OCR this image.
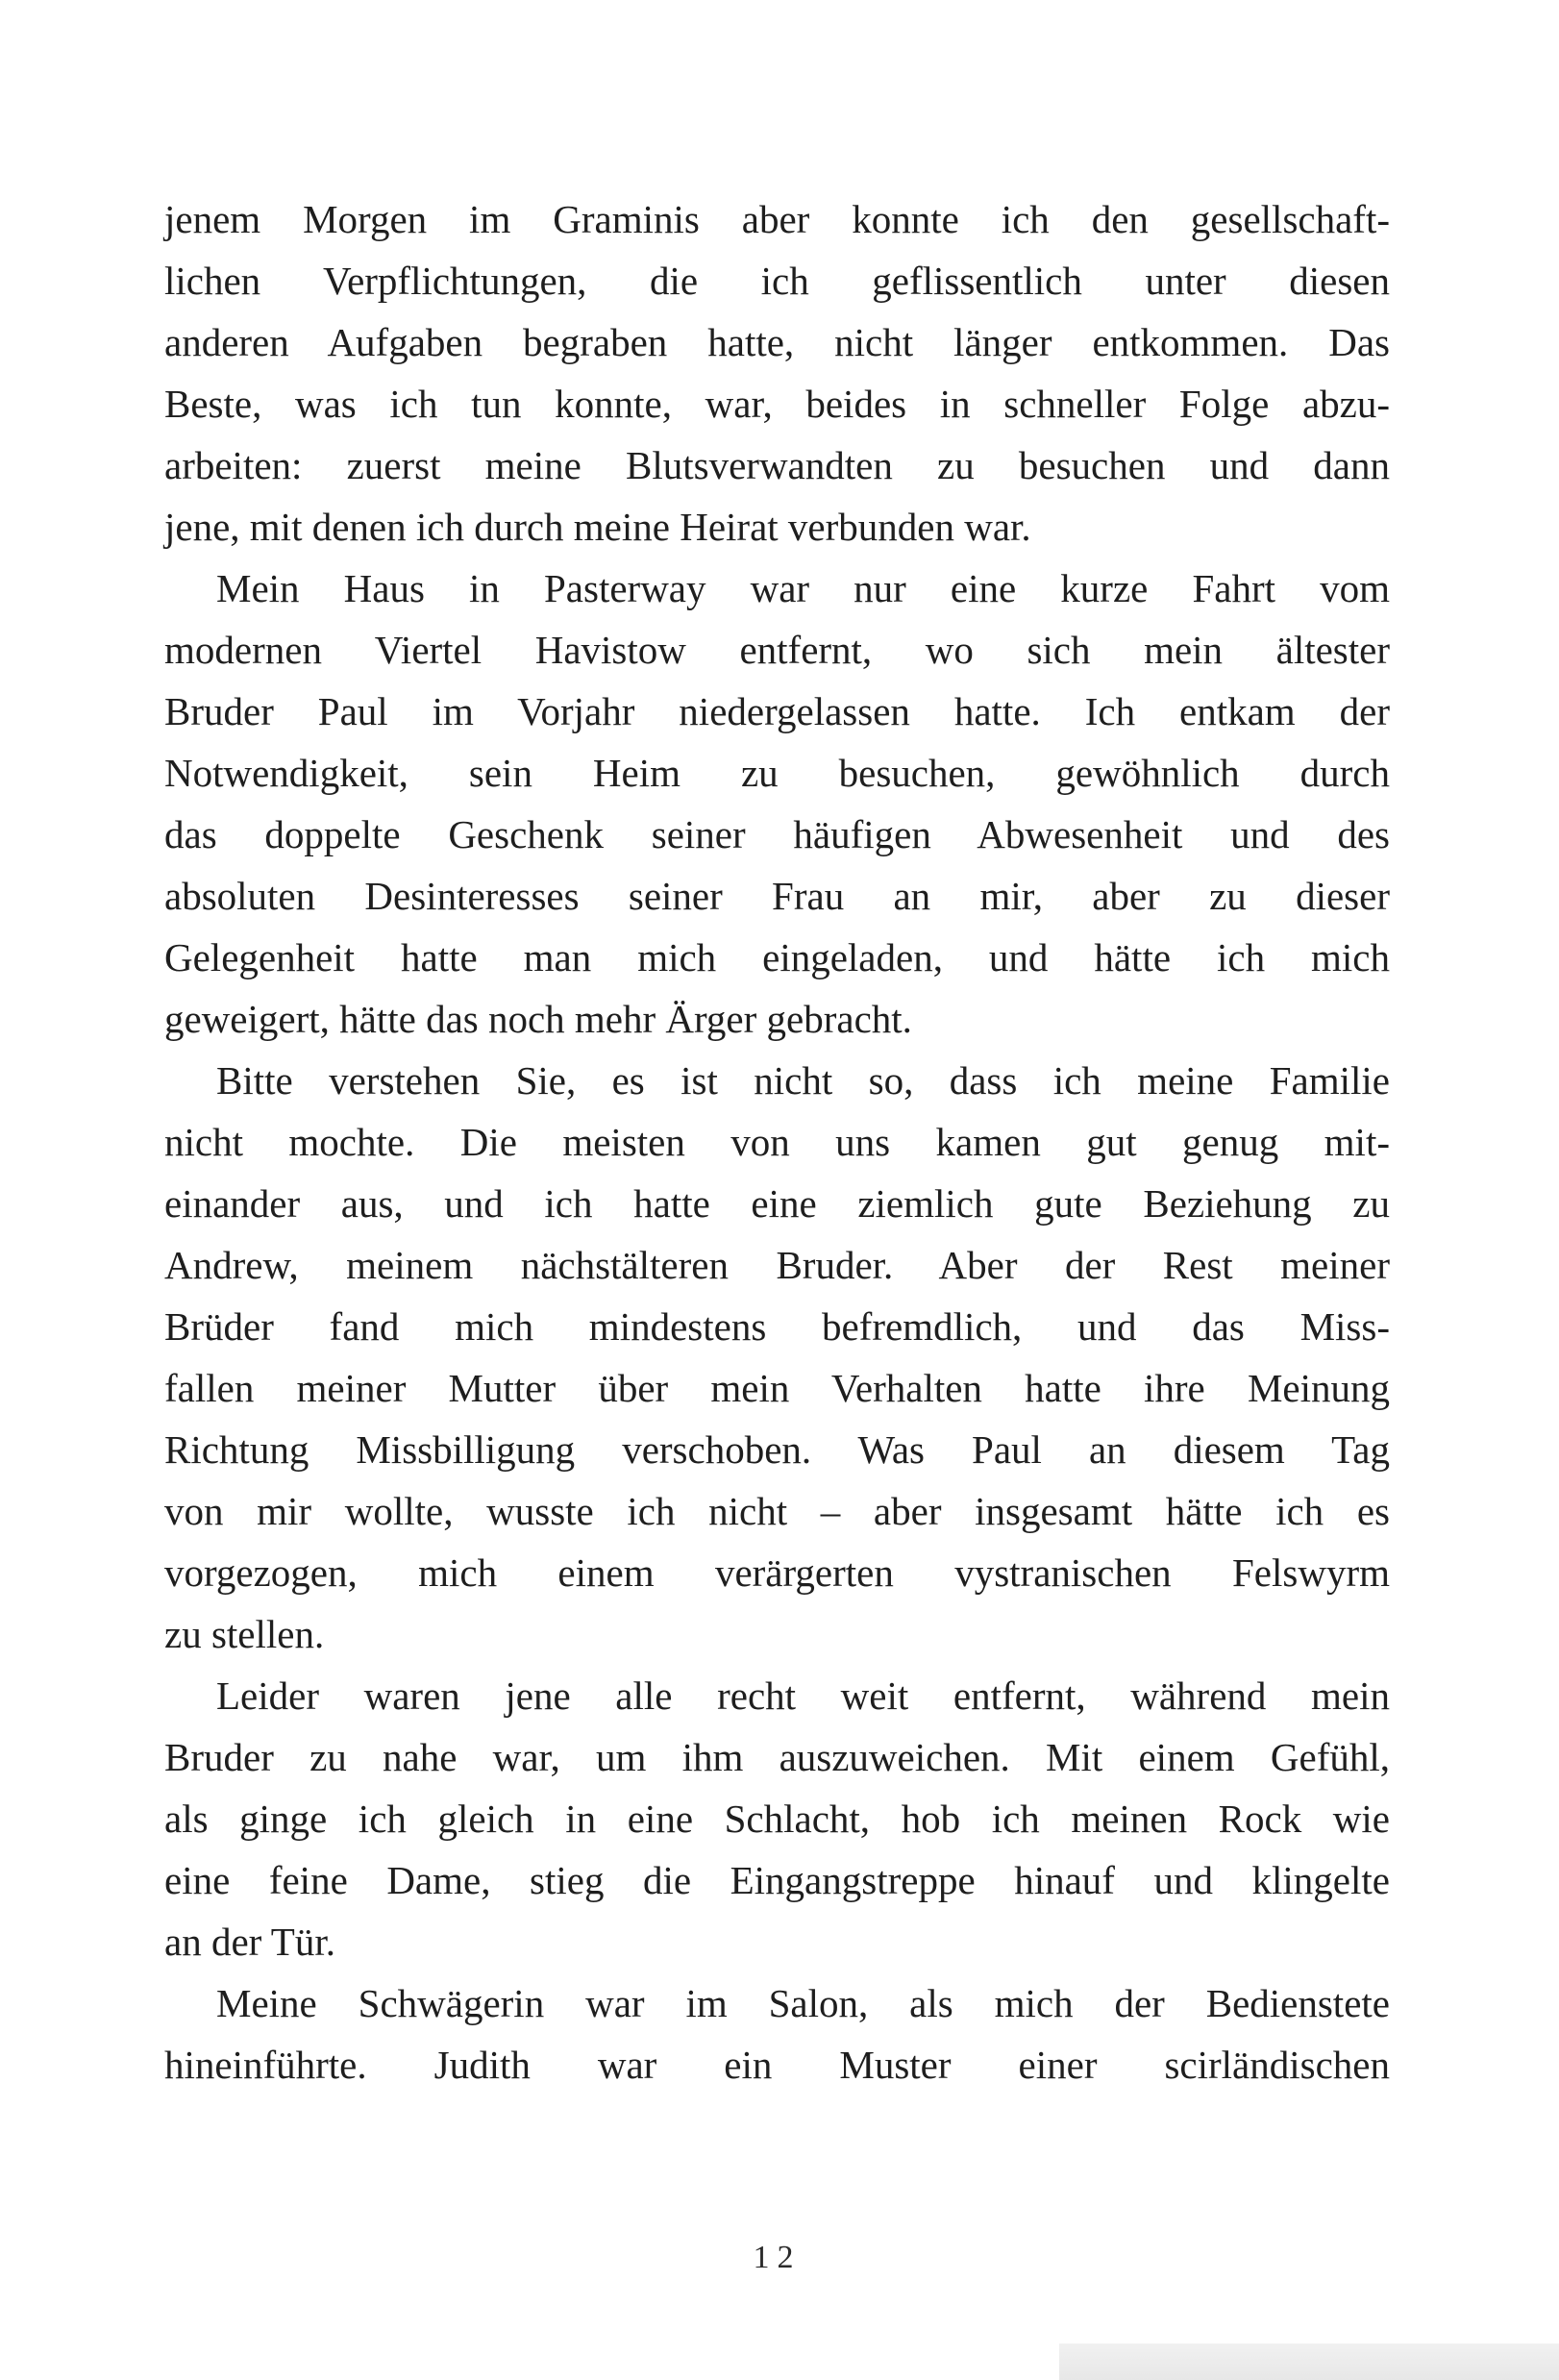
jenem Morgen im Graminis aber konnte ich den gesellschaft-
lichen Verpflichtungen, die ich geflissentlich unter diesen
anderen Aufgaben begraben hatte, nicht länger entkommen. Das
Beste, was ich tun konnte, war, beides in schneller Folge abzu-
arbeiten: zuerst meine Blutsverwandten zu besuchen und dann
jene, mit denen ich durch meine Heirat verbunden war.
Mein Haus in Pasterway war nur eine kurze Fahrt vom
modernen Viertel Havistow entfernt, wo sich mein ältester
Bruder Paul im Vorjahr niedergelassen hatte. Ich entkam der
Notwendigkeit, sein Heim zu besuchen, gewöhnlich durch
das doppelte Geschenk seiner häufigen Abwesenheit und des
absoluten Desinteresses seiner Frau an mir, aber zu dieser
Gelegenheit hatte man mich eingeladen, und hätte ich mich
geweigert, hätte das noch mehr Ärger gebracht.
Bitte verstehen Sie, es ist nicht so, dass ich meine Familie
nicht mochte. Die meisten von uns kamen gut genug mit-
einander aus, und ich hatte eine ziemlich gute Beziehung zu
Andrew, meinem nächstälteren Bruder. Aber der Rest meiner
Brüder fand mich mindestens befremdlich, und das Miss-
fallen meiner Mutter über mein Verhalten hatte ihre Meinung
Richtung Missbilligung verschoben. Was Paul an diesem Tag
von mir wollte, wusste ich nicht – aber insgesamt hätte ich es
vorgezogen, mich einem verärgerten vystranischen Felswyrm
zu stellen.
Leider waren jene alle recht weit entfernt, während mein
Bruder zu nahe war, um ihm auszuweichen. Mit einem Gefühl,
als ginge ich gleich in eine Schlacht, hob ich meinen Rock wie
eine feine Dame, stieg die Eingangstreppe hinauf und klingelte
an der Tür.
Meine Schwägerin war im Salon, als mich der Bedienstete
hineinführte. Judith war ein Muster einer scirländischen
12
